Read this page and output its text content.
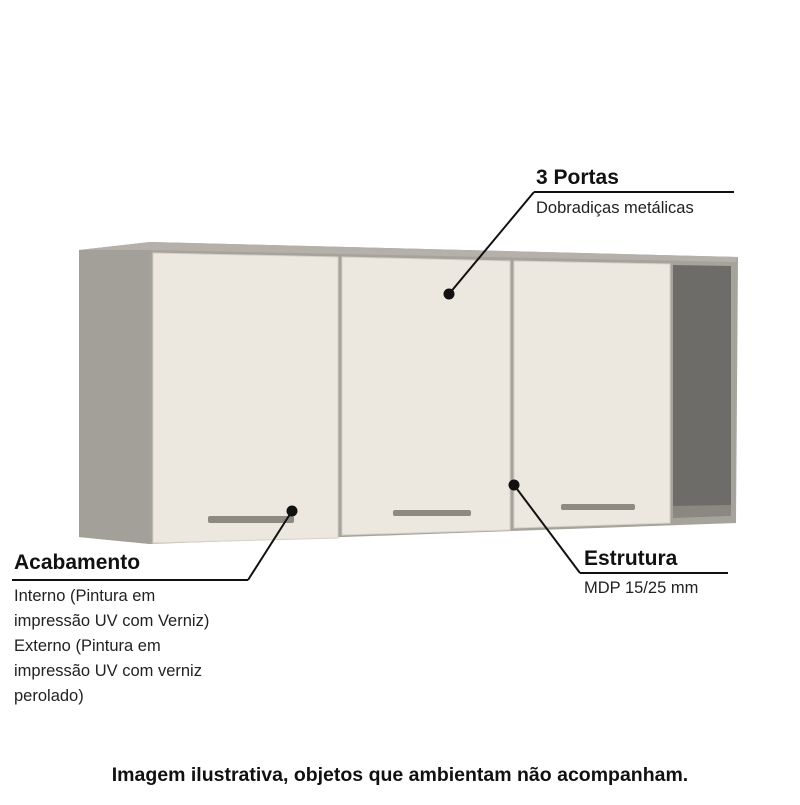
3 Portas
Dobradiças metálicas
Acabamento
Interno (Pintura em
impressão UV com Verniz)
Externo (Pintura em
impressão UV com verniz
perolado)
Estrutura
MDP 15/25 mm
Imagem ilustrativa, objetos que ambientam não acompanham.
